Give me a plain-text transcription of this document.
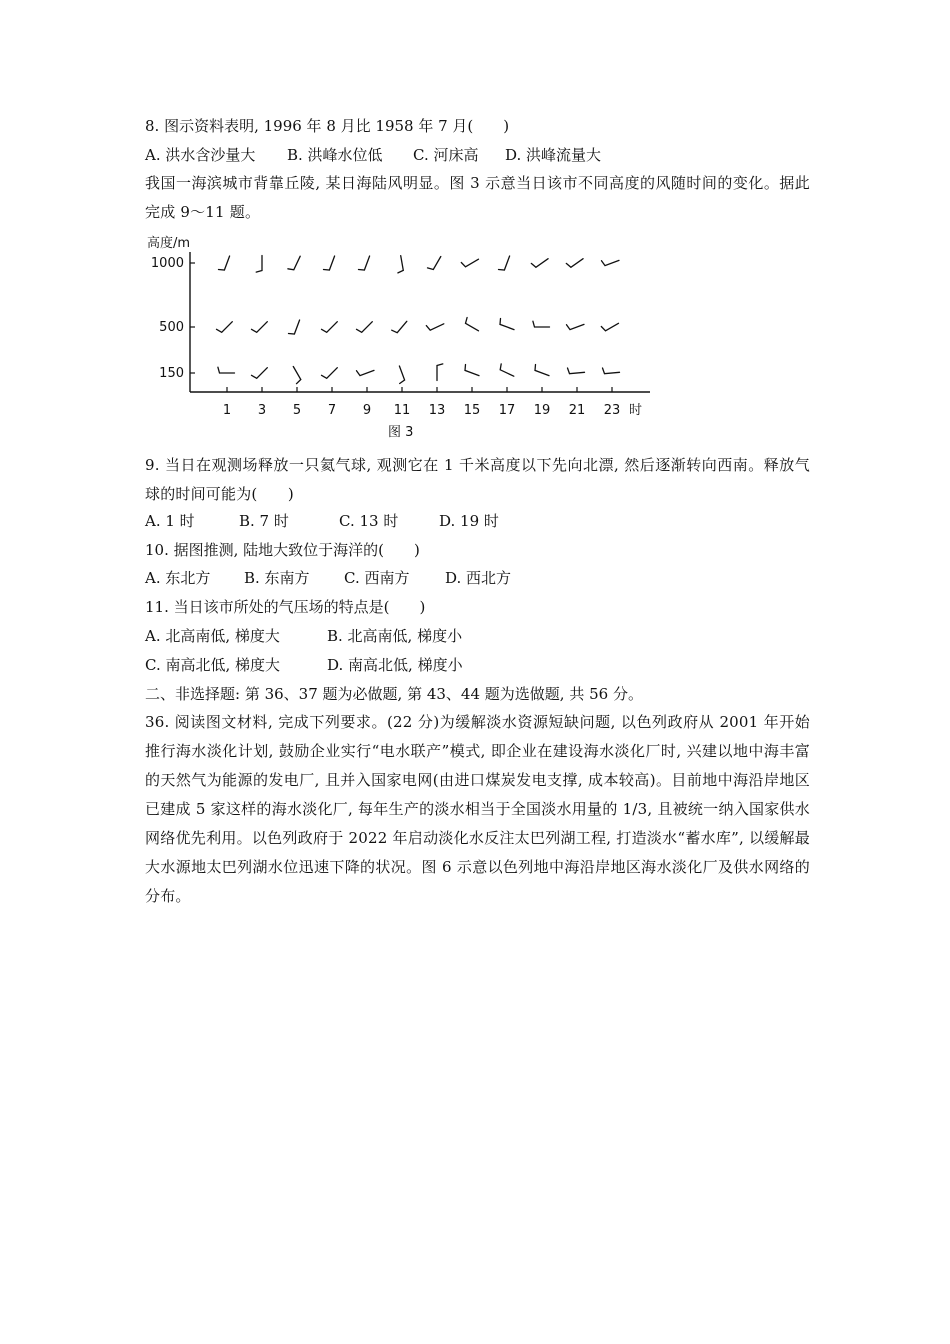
8. 图示资料表明, 1996 年 8 月比 1958 年 7 月(　　)
A. 洪水含沙量大 B. 洪峰水位低 C. 河床高 D. 洪峰流量大
我国一海滨城市背靠丘陵, 某日海陆风明显。图 3 示意当日该市不同高度的风随时间的变化。据此完成 9～11 题。
高度/m
1000
500
150
1 3 5 7 9 11 13 15 17 19 21 23 时
图 3
9. 当日在观测场释放一只氦气球, 观测它在 1 千米高度以下先向北漂, 然后逐渐转向西南。释放气球的时间可能为(　　)
A. 1 时	B. 7 时	C. 13 时	D. 19 时
10. 据图推测, 陆地大致位于海洋的(　　)
A. 东北方 B. 东南方 C. 西南方 D. 西北方
11. 当日该市所处的气压场的特点是(　　)
A. 北高南低, 梯度大	B. 北高南低, 梯度小
C. 南高北低, 梯度大	D. 南高北低, 梯度小
二、非选择题: 第 36、37 题为必做题, 第 43、44 题为选做题, 共 56 分。
36. 阅读图文材料, 完成下列要求。(22 分)为缓解淡水资源短缺问题, 以色列政府从 2001 年开始推行海水淡化计划, 鼓励企业实行“电水联产”模式, 即企业在建设海水淡化厂时, 兴建以地中海丰富的天然气为能源的发电厂, 且并入国家电网(由进口煤炭发电支撑, 成本较高)。目前地中海沿岸地区已建成 5 家这样的海水淡化厂, 每年生产的淡水相当于全国淡水用量的 1/3, 且被统一纳入国家供水网络优先利用。以色列政府于 2022 年启动淡化水反注太巴列湖工程, 打造淡水“蓄水库”, 以缓解最大水源地太巴列湖水位迅速下降的状况。图 6 示意以色列地中海沿岸地区海水淡化厂及供水网络的分布。
